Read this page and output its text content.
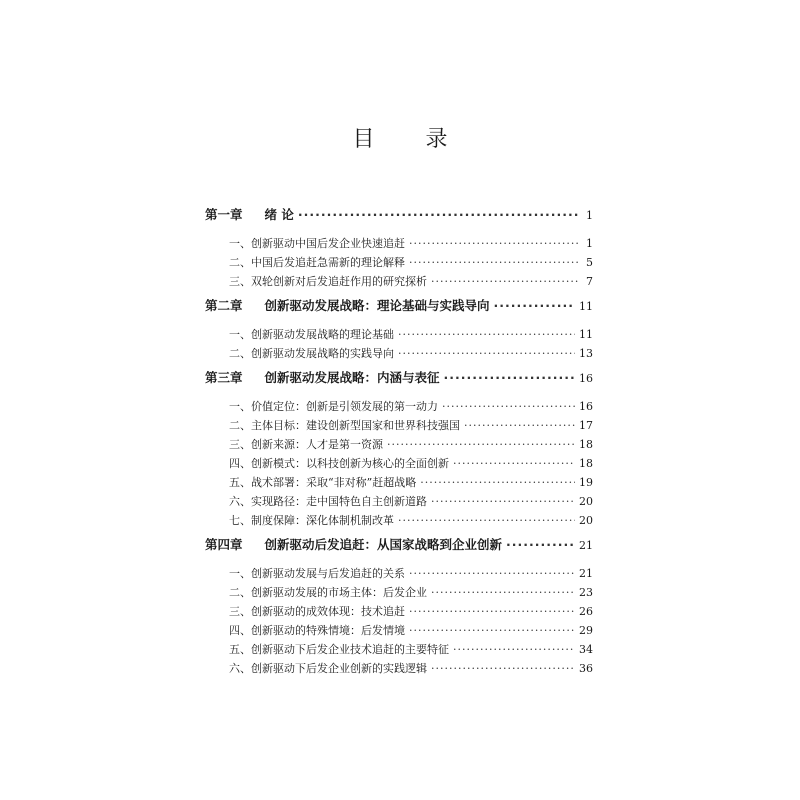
目 录
第一章 绪 论 ·····	1
一、创新驱动中国后发企业快速追赶 ·····	1
二、中国后发追赶急需新的理论解释 ·····	5
三、双轮创新对后发追赶作用的研究探析 ·····	7
第二章 创新驱动发展战略：理论基础与实践导向 ·····	11
一、创新驱动发展战略的理论基础 ·····	11
二、创新驱动发展战略的实践导向 ·····	13
第三章 创新驱动发展战略：内涵与表征 ·····	16
一、价值定位：创新是引领发展的第一动力 ·····	16
二、主体目标：建设创新型国家和世界科技强国 ·····	17
三、创新来源：人才是第一资源 ·····	18
四、创新模式：以科技创新为核心的全面创新 ·····	18
五、战术部署：采取“非对称”赶超战略 ·····	19
六、实现路径：走中国特色自主创新道路 ·····	20
七、制度保障：深化体制机制改革 ·····	20
第四章 创新驱动后发追赶：从国家战略到企业创新 ·····	21
一、创新驱动发展与后发追赶的关系 ·····	21
二、创新驱动发展的市场主体：后发企业 ·····	23
三、创新驱动的成效体现：技术追赶 ·····	26
四、创新驱动的特殊情境：后发情境 ·····	29
五、创新驱动下后发企业技术追赶的主要特征 ·····	34
六、创新驱动下后发企业创新的实践逻辑 ·····	36
